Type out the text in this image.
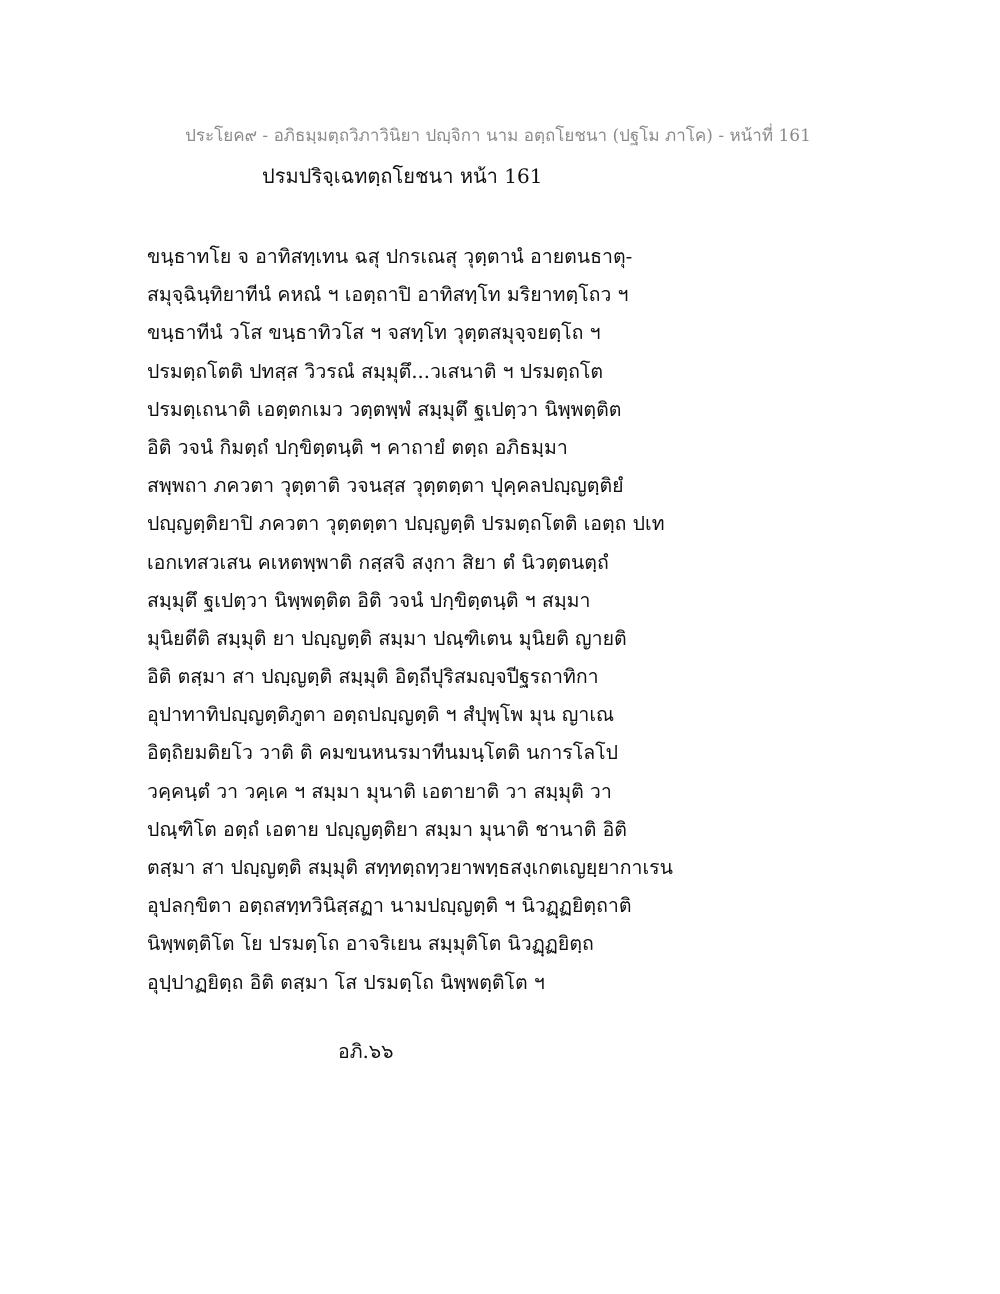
ประโยค๙ - อภิธมฺมตฺถวิภาวินิยา ปญฺจิกา นาม อตฺถโยชนา (ปฐโม ภาโค) - หน้าที่ 161
ปรมปริจฺเฉทตฺถโยชนา หน้า 161
ขนฺธาทโย จ อาทิสทฺเทน ฉสุ ปกรเณสุ วุตฺตานํ อายตนธาตุ-
สมุจฺฉินฺทิยาทีนํ คหณํ ฯ เอตฺถาปิ อาทิสทฺโท มริยาทตฺโถว ฯ
ขนฺธาทีนํ วโส ขนฺธาทิวโส ฯ จสทฺโท วุตฺตสมุจฺจยตฺโถ ฯ
ปรมตฺถโตติ ปทสฺส วิวรณํ สมฺมุตึ...วเสนาติ ฯ ปรมตฺถโต
ปรมตฺเถนาติ เอตฺตกเมว วตฺตพฺพํ สมฺมุตึ ฐเปตฺวา นิพฺพตฺติต
อิติ วจนํ กิมตฺถํ ปกฺขิตฺตนฺติ ฯ คาถายํ ตตฺถ อภิธมฺมา
สพฺพถา ภควตา วุตฺตาติ วจนสฺส วุตฺตตฺตา ปุคฺคลปญฺญตฺติยํ
ปญฺญตฺติยาปิ ภควตา วุตฺตตฺตา ปญฺญตฺติ ปรมตฺถโตติ เอตฺถ ปเท
เอกเทสวเสน คเหตพฺพาติ กสฺสจิ สงฺกา สิยา ตํ นิวตฺตนตฺถํ
สมฺมุตึ ฐเปตฺวา นิพฺพตฺติต อิติ วจนํ ปกฺขิตฺตนฺติ ฯ สมฺมา
มุนิยตีติ สมฺมุติ ยา ปญฺญตฺติ สมฺมา ปณฺฑิเตน มุนิยติ ญายติ
อิติ ตสฺมา สา ปญฺญตฺติ สมฺมุติ อิตฺถีปุริสมญฺจปีฐรถาทิกา
อุปาทาทิปญฺญตฺติภูตา อตฺถปญฺญตฺติ ฯ สํปุพฺโพ มุน ญาเณ
อิตฺถิยมติยโว วาติ ติ คมขนหนรมาทีนมนฺโตติ นการโลโป
วคฺคนฺตํ วา วคฺเค ฯ สมฺมา มุนาติ เอตายาติ วา สมฺมุติ วา
ปณฺฑิโต อตฺถํ เอตาย ปญฺญตฺติยา สมฺมา มุนาติ ชานาติ อิติ
ตสฺมา สา ปญฺญตฺติ สมฺมุติ สทฺทตฺถทฺวยาพทฺธสงฺเกตเญยฺยากาเรน
อุปลกฺขิตา อตฺถสทฺทวินิสฺสฏา นามปญฺญตฺติ ฯ นิวฏฺฏยิตฺถาติ
นิพฺพตฺติโต โย ปรมตฺโถ อาจริเยน สมฺมุติโต นิวฏฺฏยิตฺถ
อุปฺปาฏยิตฺถ อิติ ตสฺมา โส ปรมตฺโถ นิพฺพตฺติโต ฯ
อภิ.๖๖
